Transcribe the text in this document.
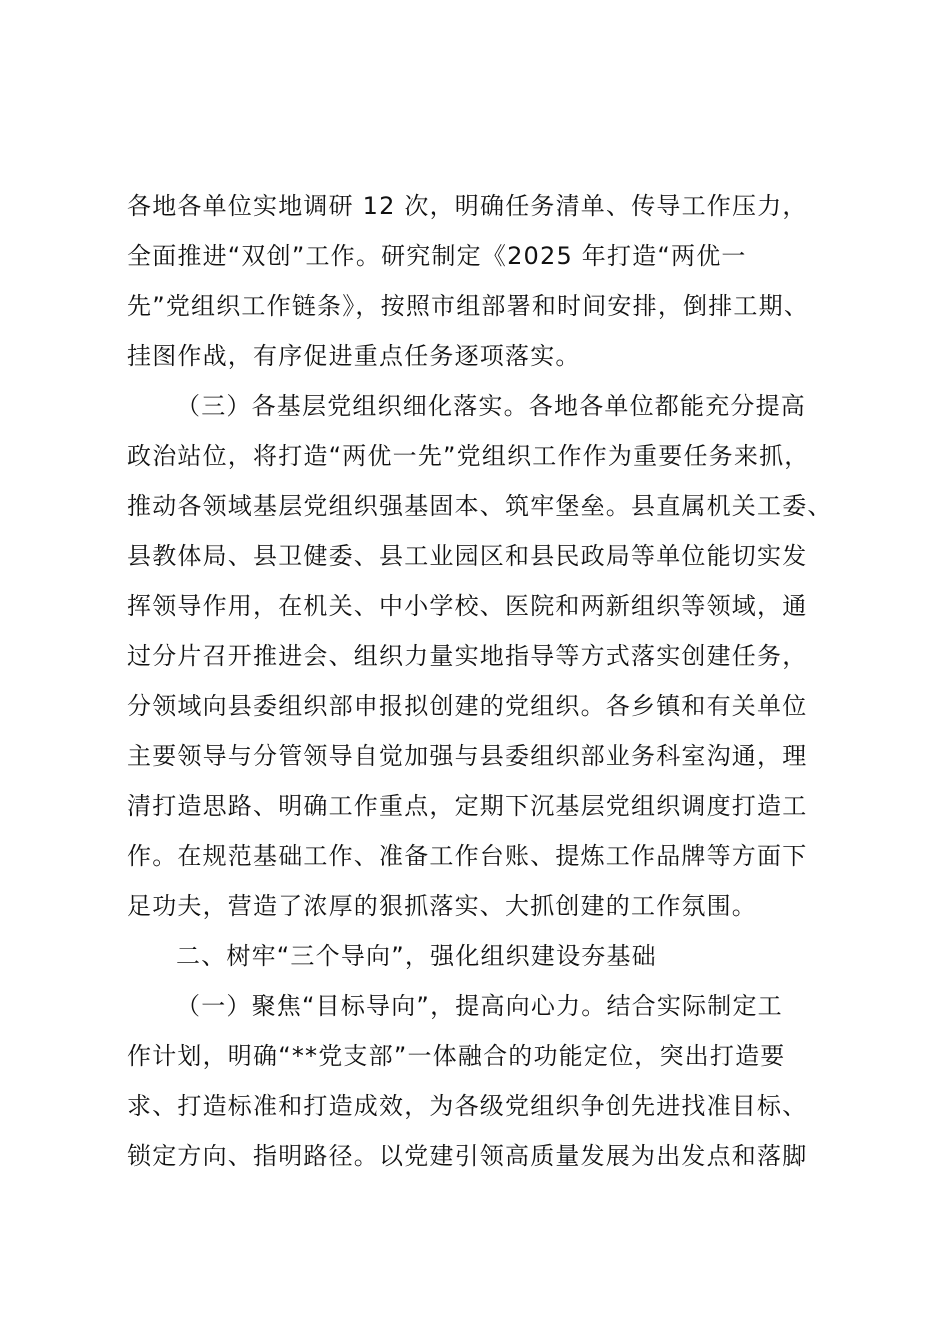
各地各单位实地调研 12 次，明确任务清单、传导工作压力，
全面推进“双创”工作。研究制定《2025 年打造“两优一
先”党组织工作链条》，按照市组部署和时间安排，倒排工期、
挂图作战，有序促进重点任务逐项落实。
（三）各基层党组织细化落实。各地各单位都能充分提高
政治站位，将打造“两优一先”党组织工作作为重要任务来抓，
推动各领域基层党组织强基固本、筑牢堡垒。县直属机关工委、
县教体局、县卫健委、县工业园区和县民政局等单位能切实发
挥领导作用，在机关、中小学校、医院和两新组织等领域，通
过分片召开推进会、组织力量实地指导等方式落实创建任务，
分领域向县委组织部申报拟创建的党组织。各乡镇和有关单位
主要领导与分管领导自觉加强与县委组织部业务科室沟通，理
清打造思路、明确工作重点，定期下沉基层党组织调度打造工
作。在规范基础工作、准备工作台账、提炼工作品牌等方面下
足功夫，营造了浓厚的狠抓落实、大抓创建的工作氛围。
二、树牢“三个导向”，强化组织建设夯基础
（一）聚焦“目标导向”，提高向心力。结合实际制定工
作计划，明确“**党支部”一体融合的功能定位，突出打造要
求、打造标准和打造成效，为各级党组织争创先进找准目标、
锁定方向、指明路径。以党建引领高质量发展为出发点和落脚
